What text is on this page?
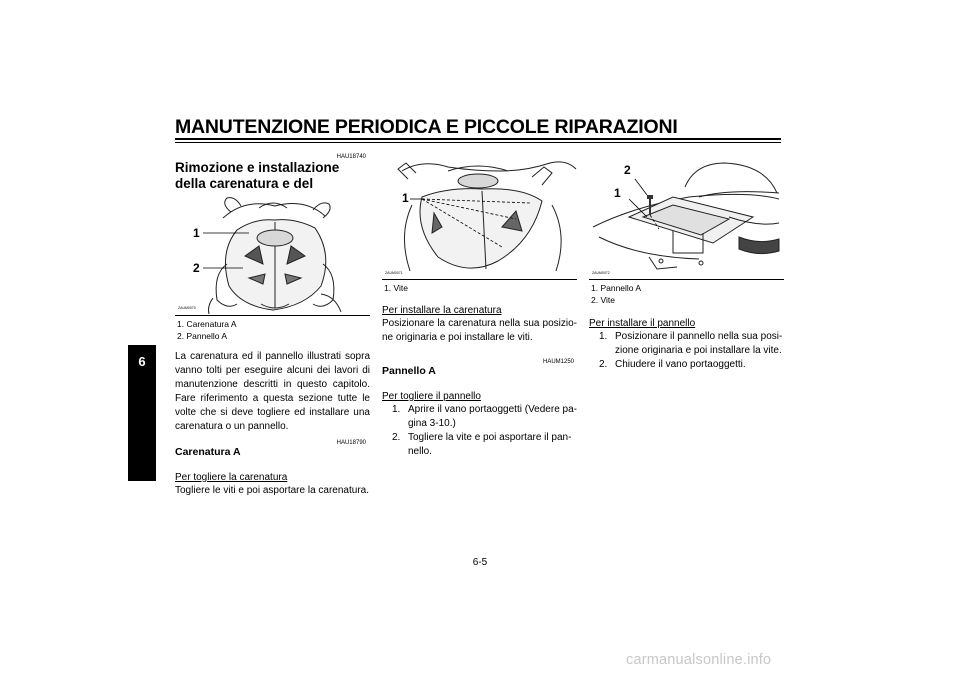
MANUTENZIONE PERIODICA E PICCOLE RIPARAZIONI
6
HAU18740
Rimozione e installazione della carenatura e del pannello
1
2
ZAUM0070
1. Carenatura A
2. Pannello A
La carenatura ed il pannello illustrati sopra vanno tolti per eseguire alcuni dei lavori di manutenzione descritti in questo capitolo. Fare riferimento a questa sezione tutte le volte che si deve togliere ed installare una carenatura o un pannello.
HAU18790
Carenatura A
Per togliere la carenatura
Togliere le viti e poi asportare la carenatura.
1
ZAUM0071
1. Vite
Per installare la carenatura
Posizionare la carenatura nella sua posizio-ne originaria e poi installare le viti.
HAUM1250
Pannello A
Per togliere il pannello
1. Aprire il vano portaoggetti (Vedere pa-gina 3-10.)
2. Togliere la vite e poi asportare il pan-nello.
2
1
ZAUM0072
1. Pannello A
2. Vite
Per installare il pannello
1. Posizionare il pannello nella sua posi-zione originaria e poi installare la vite.
2. Chiudere il vano portaoggetti.
6-5
carmanualsonline.info
